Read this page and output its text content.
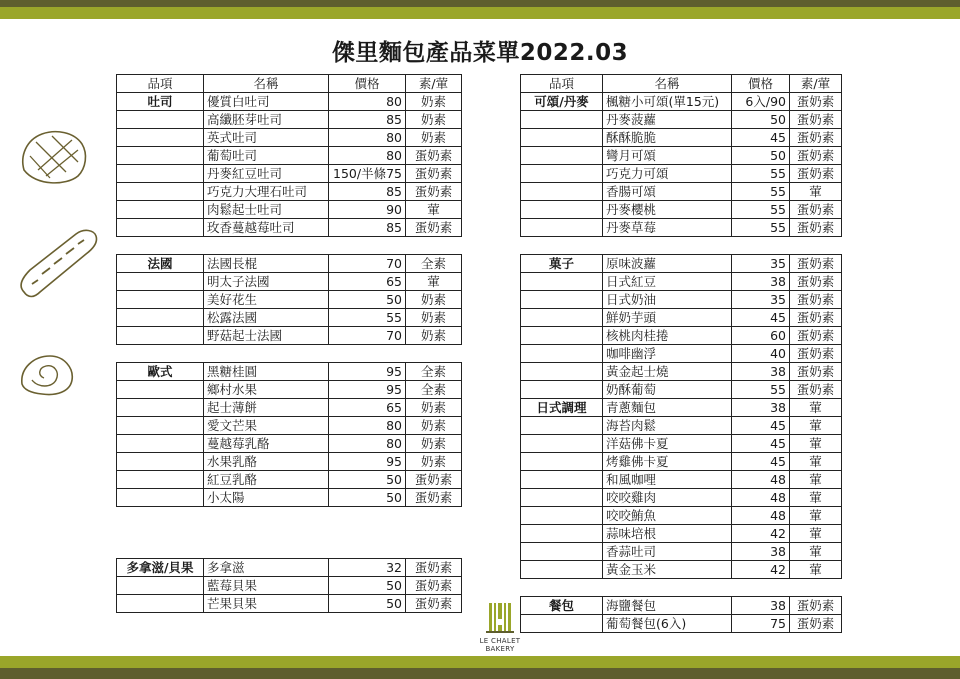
傑里麵包產品菜單2022.03
品項	名稱	價格	素/葷
吐司	優質白吐司	80	奶素
	高纖胚芽吐司	85	奶素
	英式吐司	80	奶素
	葡萄吐司	80	蛋奶素
	丹麥紅豆吐司	150/半條75	蛋奶素
	巧克力大理石吐司	85	蛋奶素
	肉鬆起士吐司	90	葷
	玫香蔓越莓吐司	85	蛋奶素

法國	法國長棍	70	全素
	明太子法國	65	葷
	美好花生	50	奶素
	松露法國	55	奶素
	野菇起士法國	70	奶素

歐式	黑糖桂圓	95	全素
	鄉村水果	95	全素
	起士薄餅	65	奶素
	愛文芒果	80	奶素
	蔓越莓乳酪	80	奶素
	水果乳酪	95	奶素
	紅豆乳酪	50	蛋奶素
	小太陽	50	蛋奶素

多拿滋/貝果	多拿滋	32	蛋奶素
	藍莓貝果	50	蛋奶素
	芒果貝果	50	蛋奶素
品項	名稱	價格	素/葷
可頌/丹麥	楓糖小可頌(單15元)	6入/90	蛋奶素
	丹麥菠蘿	50	蛋奶素
	酥酥脆脆	45	蛋奶素
	彎月可頌	50	蛋奶素
	巧克力可頌	55	蛋奶素
	香腸可頌	55	葷
	丹麥櫻桃	55	蛋奶素
	丹麥草莓	55	蛋奶素

菓子	原味波蘿	35	蛋奶素
	日式紅豆	38	蛋奶素
	日式奶油	35	蛋奶素
	鮮奶芋頭	45	蛋奶素
	核桃肉桂捲	60	蛋奶素
	咖啡幽浮	40	蛋奶素
	黃金起士燒	38	蛋奶素
	奶酥葡萄	55	蛋奶素
日式調理	青蔥麵包	38	葷
	海苔肉鬆	45	葷
	洋菇佛卡夏	45	葷
	烤雞佛卡夏	45	葷
	和風咖哩	48	葷
	咬咬雞肉	48	葷
	咬咬鮪魚	48	葷
	蒜味培根	42	葷
	香蒜吐司	38	葷
	黃金玉米	42	葷

餐包	海鹽餐包	38	蛋奶素
	葡萄餐包(6入)	75	蛋奶素
LE CHALET BAKERY
